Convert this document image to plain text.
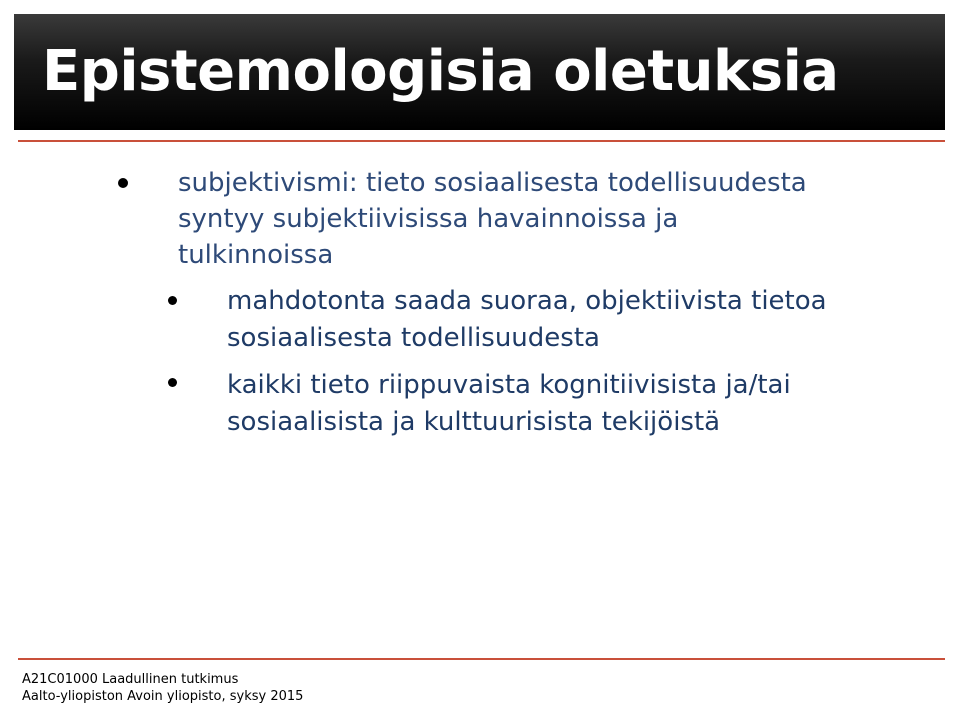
Epistemologisia oletuksia
subjektivismi: tieto sosiaalisesta todellisuudesta
syntyy subjektiivisissa havainnoissa ja
tulkinnoissa
mahdotonta saada suoraa, objektiivista tietoa
sosiaalisesta todellisuudesta
kaikki tieto riippuvaista kognitiivisista ja/tai
sosiaalisista ja kulttuurisista tekijöistä
A21C01000 Laadullinen tutkimus
Aalto-yliopiston Avoin yliopisto, syksy 2015
